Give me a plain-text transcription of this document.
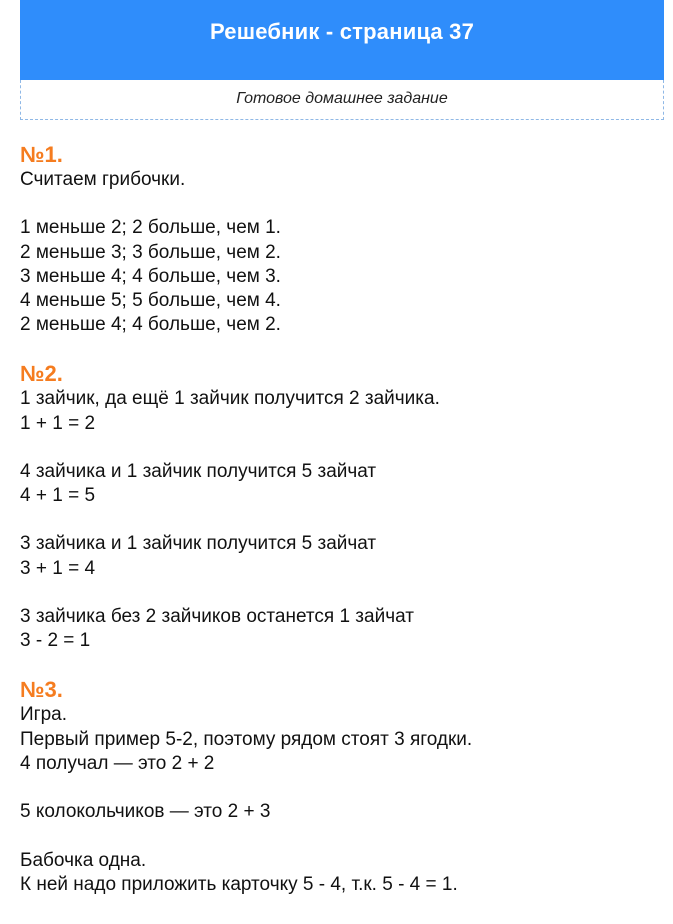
Решебник - страница 37
Готовое домашнее задание
№1.
Считаем грибочки.
1 меньше 2; 2 больше, чем 1.
2 меньше 3; 3 больше, чем 2.
3 меньше 4; 4 больше, чем 3.
4 меньше 5; 5 больше, чем 4.
2 меньше 4; 4 больше, чем 2.
№2.
1 зайчик, да ещё 1 зайчик получится 2 зайчика.
1 + 1 = 2
4 зайчика и 1 зайчик получится 5 зайчат
4 + 1 = 5
3 зайчика и 1 зайчик получится 5 зайчат
3 + 1 = 4
3 зайчика без 2 зайчиков останется 1 зайчат
3 - 2 = 1
№3.
Игра.
Первый пример 5-2, поэтому рядом стоят 3 ягодки.
4 получал — это 2 + 2
5 колокольчиков — это 2 + 3
Бабочка одна.
К ней надо приложить карточку 5 - 4, т.к. 5 - 4 = 1.
